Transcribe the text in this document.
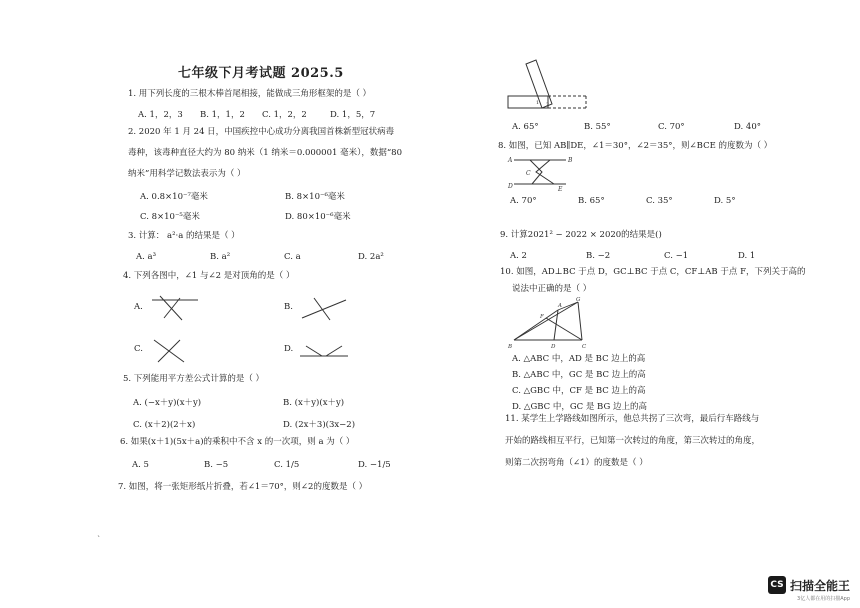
七年级下月考试题 2025.5
1. 用下列长度的三根木棒首尾相接，能做成三角形框架的是（ ）
A. 1，2，3 B. 1，1，2 C. 1，2，2	D. 1，5，7
2. 2020 年 1 月 24 日，中国疾控中心成功分离我国首株新型冠状病毒
毒种，该毒种直径大约为 80 纳米（1 纳米＝0.000001 毫米），数据“80
纳米”用科学记数法表示为（ ）
A. 0.8×10⁻⁷毫米	B. 8×10⁻⁶毫米
C. 8×10⁻⁵毫米	D. 80×10⁻⁶毫米
3. 计算： a²·a 的结果是（ ）
A. a³	B. a²	C. a	D. 2a²
4. 下列各图中，∠1 与∠2 是对顶角的是（ ）
A.	B.
C.	D.
5. 下列能用平方差公式计算的是（ ）
A. (−x＋y)(x＋y)	B. (x＋y)(x＋y)
C. (x＋2)(2＋x)	D. (2x＋3)(3x−2)
6. 如果(x＋1)(5x＋a)的乘积中不含 x 的一次项，则 a 为（ ）
A. 5	B. −5	C. 1/5	D. −1/5
7. 如图，将一张矩形纸片折叠，若∠1＝70°，则∠2的度数是（ ）
ˋ
1 2
A. 65°	B. 55°	C. 70°	D. 40°
8. 如图，已知 AB∥DE，∠1＝30°，∠2＝35°，则∠BCE 的度数为（ ）
A	B
C
D	E
A. 70°	B. 65°	C. 35°	D. 5°
9. 计算2021² − 2022 × 2020的结果是()
A. 2	B. −2	C. −1	D. 1
10. 如图，AD⊥BC 于点 D，GC⊥BC 于点 C，CF⊥AB 于点 F，下列关于高的
说法中正确的是（ ）
G
A
F
B	D	C
A. △ABC 中，AD 是 BC 边上的高
B. △ABC 中，GC 是 BC 边上的高
C. △GBC 中，CF 是 BC 边上的高
D. △GBC 中，GC 是 BG 边上的高
11. 某学生上学路线如图所示，他总共拐了三次弯，最后行车路线与
开始的路线相互平行，已知第一次转过的角度，第三次转过的角度，
则第二次拐弯角（∠1）的度数是（ ）
CS 扫描全能王
3亿人都在用的扫描App
